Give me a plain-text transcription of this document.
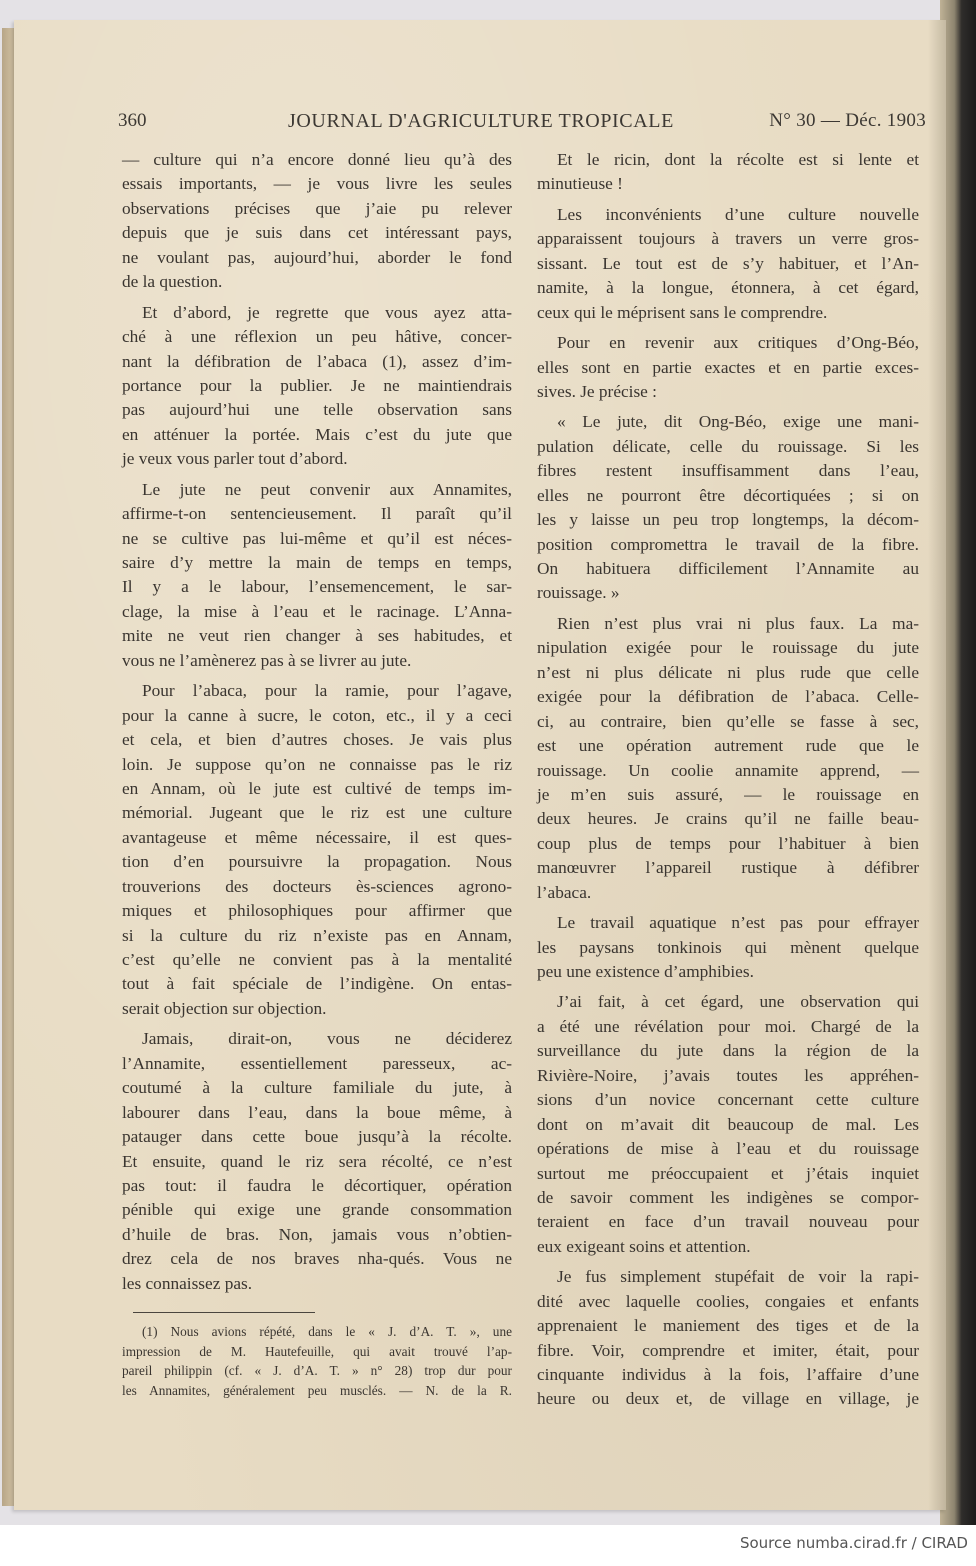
360	JOURNAL D'AGRICULTURE TROPICALE	N° 30 — Déc. 1903
— culture qui n’a encore donné lieu qu’à des
essais importants, — je vous livre les seules
observations précises que j’aie pu relever
depuis que je suis dans cet intéressant pays,
ne voulant pas, aujourd’hui, aborder le fond
de la question.
Et d’abord, je regrette que vous ayez atta-
ché à une réflexion un peu hâtive, concer-
nant la défibration de l’abaca (1), assez d’im-
portance pour la publier. Je ne maintiendrais
pas aujourd’hui une telle observation sans
en atténuer la portée. Mais c’est du jute que
je veux vous parler tout d’abord.
Le jute ne peut convenir aux Annamites,
affirme-t-on sentencieusement. Il paraît qu’il
ne se cultive pas lui-même et qu’il est néces-
saire d’y mettre la main de temps en temps,
Il y a le labour, l’ensemencement, le sar-
clage, la mise à l’eau et le racinage. L’Anna-
mite ne veut rien changer à ses habitudes, et
vous ne l’amènerez pas à se livrer au jute.
Pour l’abaca, pour la ramie, pour l’agave,
pour la canne à sucre, le coton, etc., il y a ceci
et cela, et bien d’autres choses. Je vais plus
loin. Je suppose qu’on ne connaisse pas le riz
en Annam, où le jute est cultivé de temps im-
mémorial. Jugeant que le riz est une culture
avantageuse et même nécessaire, il est ques-
tion d’en poursuivre la propagation. Nous
trouverions des docteurs ès-sciences agrono-
miques et philosophiques pour affirmer que
si la culture du riz n’existe pas en Annam,
c’est qu’elle ne convient pas à la mentalité
tout à fait spéciale de l’indigène. On entas-
serait objection sur objection.
Jamais, dirait-on, vous ne déciderez
l’Annamite, essentiellement paresseux, ac-
coutumé à la culture familiale du jute, à
labourer dans l’eau, dans la boue même, à
patauger dans cette boue jusqu’à la récolte.
Et ensuite, quand le riz sera récolté, ce n’est
pas tout: il faudra le décortiquer, opération
pénible qui exige une grande consommation
d’huile de bras. Non, jamais vous n’obtien-
drez cela de nos braves nha-qués. Vous ne
les connaissez pas.
Et le ricin, dont la récolte est si lente et
minutieuse !
Les inconvénients d’une culture nouvelle
apparaissent toujours à travers un verre gros-
sissant. Le tout est de s’y habituer, et l’An-
namite, à la longue, étonnera, à cet égard,
ceux qui le méprisent sans le comprendre.
Pour en revenir aux critiques d’Ong-Béo,
elles sont en partie exactes et en partie exces-
sives. Je précise :
« Le jute, dit Ong-Béo, exige une mani-
pulation délicate, celle du rouissage. Si les
fibres restent insuffisamment dans l’eau,
elles ne pourront être décortiquées ; si on
les y laisse un peu trop longtemps, la décom-
position compromettra le travail de la fibre.
On habituera difficilement l’Annamite au
rouissage. »
Rien n’est plus vrai ni plus faux. La ma-
nipulation exigée pour le rouissage du jute
n’est ni plus délicate ni plus rude que celle
exigée pour la défibration de l’abaca. Celle-
ci, au contraire, bien qu’elle se fasse à sec,
est une opération autrement rude que le
rouissage. Un coolie annamite apprend, —
je m’en suis assuré, — le rouissage en
deux heures. Je crains qu’il ne faille beau-
coup plus de temps pour l’habituer à bien
manœuvrer l’appareil rustique à défibrer
l’abaca.
Le travail aquatique n’est pas pour effrayer
les paysans tonkinois qui mènent quelque
peu une existence d’amphibies.
J’ai fait, à cet égard, une observation qui
a été une révélation pour moi. Chargé de la
surveillance du jute dans la région de la
Rivière-Noire, j’avais toutes les appréhen-
sions d’un novice concernant cette culture
dont on m’avait dit beaucoup de mal. Les
opérations de mise à l’eau et du rouissage
surtout me préoccupaient et j’étais inquiet
de savoir comment les indigènes se compor-
teraient en face d’un travail nouveau pour
eux exigeant soins et attention.
Je fus simplement stupéfait de voir la rapi-
dité avec laquelle coolies, congaies et enfants
apprenaient le maniement des tiges et de la
fibre. Voir, comprendre et imiter, était, pour
cinquante individus à la fois, l’affaire d’une
heure ou deux et, de village en village, je
(1) Nous avions répété, dans le « J. d’A. T. », une
impression de M. Hautefeuille, qui avait trouvé l’ap-
pareil philippin (cf. « J. d’A. T. » n° 28) trop dur pour
les Annamites, généralement peu musclés. — N. de la R.
Source numba.cirad.fr / CIRAD
